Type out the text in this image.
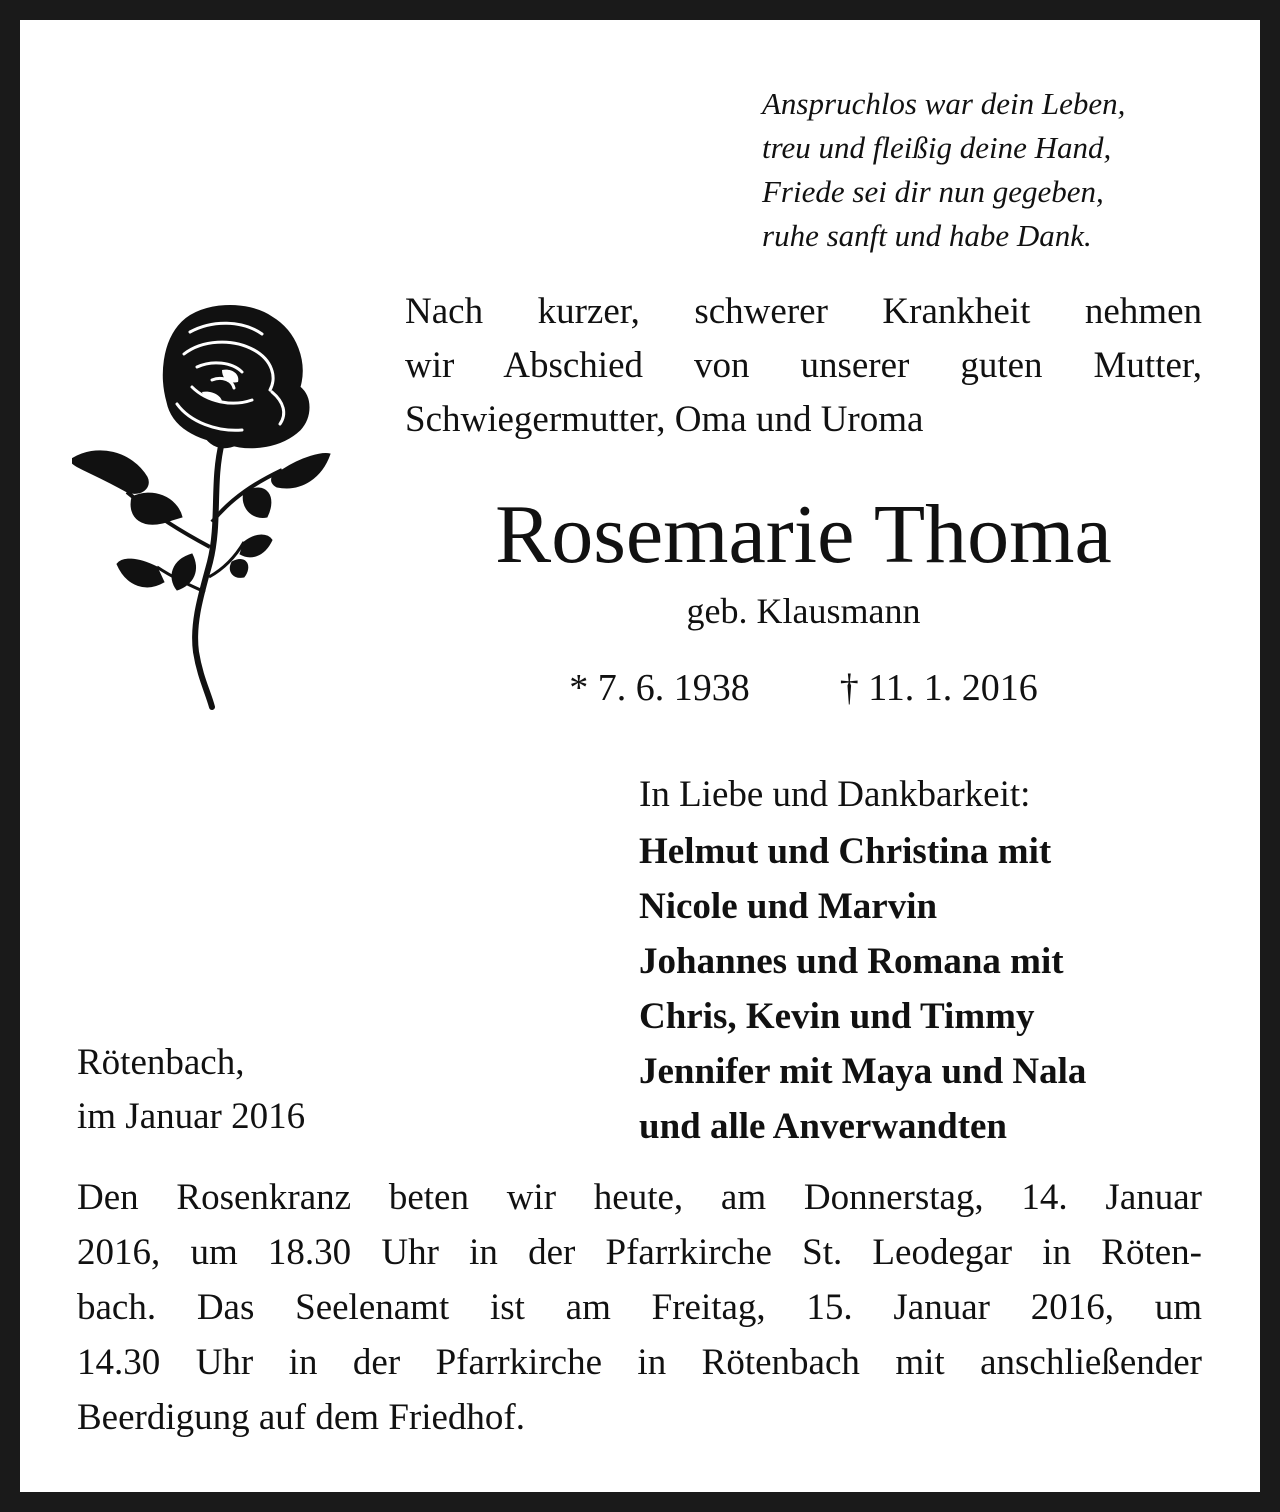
Anspruchlos war dein Leben,
treu und fleißig deine Hand,
Friede sei dir nun gegeben,
ruhe sanft und habe Dank.
Nach kurzer, schwerer Krankheit nehmen
wir Abschied von unserer guten Mutter,
Schwiegermutter, Oma und Uroma
Rosemarie Thoma
geb. Klausmann
* 7. 6. 1938 † 11. 1. 2016
In Liebe und Dankbarkeit:
Helmut und Christina mit
Nicole und Marvin
Johannes und Romana mit
Chris, Kevin und Timmy
Jennifer mit Maya und Nala
und alle Anverwandten
Rötenbach,
im Januar 2016
Den Rosenkranz beten wir heute, am Donnerstag, 14. Januar
2016, um 18.30 Uhr in der Pfarrkirche St. Leodegar in Röten-
bach. Das Seelenamt ist am Freitag, 15. Januar 2016, um
14.30 Uhr in der Pfarrkirche in Rötenbach mit anschließender
Beerdigung auf dem Friedhof.
